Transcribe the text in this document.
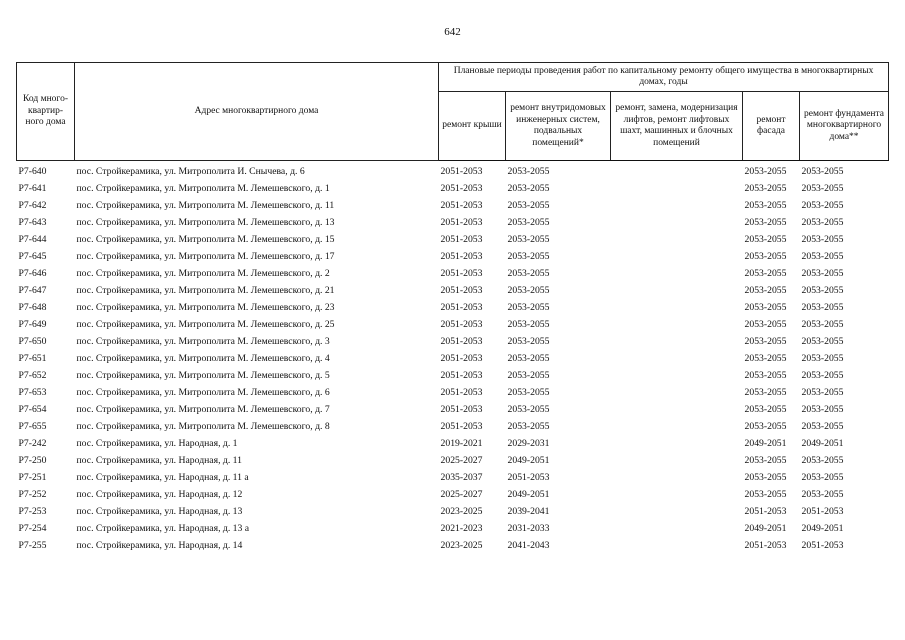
642
Код много-квартир-ного дома	Адрес многоквартирного дома	Плановые периоды проведения работ по капитальному ремонту общего имущества в многоквартирных домах, годы				
		ремонт крыши	ремонт внутридомовых инженерных систем, подвальных помещений*	ремонт, замена, модернизация лифтов, ремонт лифтовых шахт, машинных и блочных помещений	ремонт фасада	ремонт фундамента многоквартирного дома**
Р7-640	пос. Стройкерамика, ул. Митрополита И. Снычева, д. 6	2051-2053	2053-2055		2053-2055	2053-2055
Р7-641	пос. Стройкерамика, ул. Митрополита М. Лемешевского, д. 1	2051-2053	2053-2055		2053-2055	2053-2055
Р7-642	пос. Стройкерамика, ул. Митрополита М. Лемешевского, д. 11	2051-2053	2053-2055		2053-2055	2053-2055
Р7-643	пос. Стройкерамика, ул. Митрополита М. Лемешевского, д. 13	2051-2053	2053-2055		2053-2055	2053-2055
Р7-644	пос. Стройкерамика, ул. Митрополита М. Лемешевского, д. 15	2051-2053	2053-2055		2053-2055	2053-2055
Р7-645	пос. Стройкерамика, ул. Митрополита М. Лемешевского, д. 17	2051-2053	2053-2055		2053-2055	2053-2055
Р7-646	пос. Стройкерамика, ул. Митрополита М. Лемешевского, д. 2	2051-2053	2053-2055		2053-2055	2053-2055
Р7-647	пос. Стройкерамика, ул. Митрополита М. Лемешевского, д. 21	2051-2053	2053-2055		2053-2055	2053-2055
Р7-648	пос. Стройкерамика, ул. Митрополита М. Лемешевского, д. 23	2051-2053	2053-2055		2053-2055	2053-2055
Р7-649	пос. Стройкерамика, ул. Митрополита М. Лемешевского, д. 25	2051-2053	2053-2055		2053-2055	2053-2055
Р7-650	пос. Стройкерамика, ул. Митрополита М. Лемешевского, д. 3	2051-2053	2053-2055		2053-2055	2053-2055
Р7-651	пос. Стройкерамика, ул. Митрополита М. Лемешевского, д. 4	2051-2053	2053-2055		2053-2055	2053-2055
Р7-652	пос. Стройкерамика, ул. Митрополита М. Лемешевского, д. 5	2051-2053	2053-2055		2053-2055	2053-2055
Р7-653	пос. Стройкерамика, ул. Митрополита М. Лемешевского, д. 6	2051-2053	2053-2055		2053-2055	2053-2055
Р7-654	пос. Стройкерамика, ул. Митрополита М. Лемешевского, д. 7	2051-2053	2053-2055		2053-2055	2053-2055
Р7-655	пос. Стройкерамика, ул. Митрополита М. Лемешевского, д. 8	2051-2053	2053-2055		2053-2055	2053-2055
Р7-242	пос. Стройкерамика, ул. Народная, д. 1	2019-2021	2029-2031		2049-2051	2049-2051
Р7-250	пос. Стройкерамика, ул. Народная, д. 11	2025-2027	2049-2051		2053-2055	2053-2055
Р7-251	пос. Стройкерамика, ул. Народная, д. 11 а	2035-2037	2051-2053		2053-2055	2053-2055
Р7-252	пос. Стройкерамика, ул. Народная, д. 12	2025-2027	2049-2051		2053-2055	2053-2055
Р7-253	пос. Стройкерамика, ул. Народная, д. 13	2023-2025	2039-2041		2051-2053	2051-2053
Р7-254	пос. Стройкерамика, ул. Народная, д. 13 а	2021-2023	2031-2033		2049-2051	2049-2051
Р7-255	пос. Стройкерамика, ул. Народная, д. 14	2023-2025	2041-2043		2051-2053	2051-2053
